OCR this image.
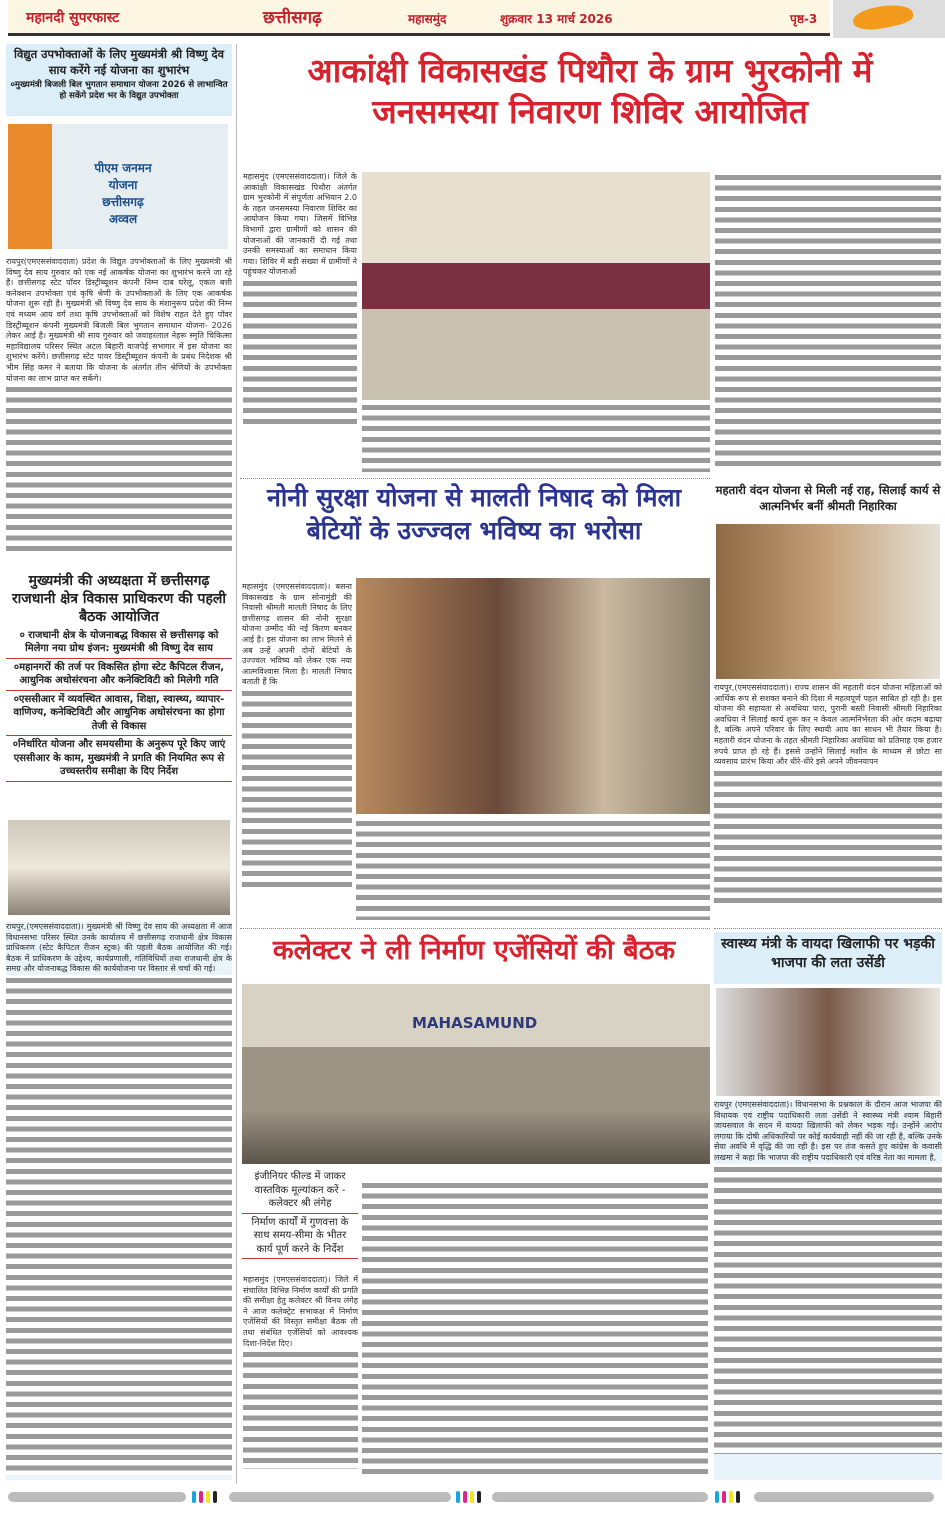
महानदी सुपरफास्ट	छत्तीसगढ़	महासमुंद	शुक्रवार 13 मार्च 2026	पृष्ठ-3
विद्युत उपभोक्ताओं के लिए मुख्यमंत्री श्री विष्णु देव साय करेंगे नई योजना का शुभारंभ
०मुख्यमंत्री बिजली बिल भुगतान समाधान योजना 2026 से लाभान्वित हो सकेंगे प्रदेश भर के विद्युत उपभोक्ता
पीएम जनमन योजना छत्तीसगढ़ अव्वल
रायपुर(एमएससंवाददाता) प्रदेश के विद्युत उपभोक्ताओं के लिए मुख्यमंत्री श्री विष्णु देव साय गुरुवार को एक नई आकर्षक योजना का शुभारंभ करने जा रहे हैं। छत्तीसगढ़ स्टेट पॉवर डिस्ट्रीब्यूशन कंपनी निम्न दाब घरेलू, एकल बत्ती कनेक्शन उपभोक्ता एवं कृषि श्रेणी के उपभोक्ताओं के लिए एक आकर्षक योजना शुरू रही है। मुख्यमंत्री श्री विष्णु देव साय के मंशानुरूप प्रदेश की निम्न एवं मध्यम आय वर्ग तथा कृषि उपभोक्ताओं को विशेष राहत देते हुए पॉवर डिस्ट्रीब्यूशन कंपनी मुख्यमंत्री बिजली बिल भुगतान समाधान योजना- 2026 लेकर आई है। मुख्यमंत्री श्री साय गुरुवार को जवाहरलाल नेहरू स्मृति चिकित्सा महाविद्यालय परिसर स्थित अटल बिहारी वाजपेई सभागार में इस योजना का शुभारंभ करेंगे। छत्तीसगढ़ स्टेट पावर डिस्ट्रीब्यूशन कंपनी के प्रबंध निदेशक श्री भीम सिंह कमर ने बताया कि योजना के अंतर्गत तीन श्रेणियों के उपभोक्ता योजना का लाभ प्राप्त कर सकेंगे।
मुख्यमंत्री की अध्यक्षता में छत्तीसगढ़ राजधानी क्षेत्र विकास प्राधिकरण की पहली बैठक आयोजित
० राजधानी क्षेत्र के योजनाबद्ध विकास से छत्तीसगढ़ को मिलेगा नया ग्रोथ इंजन: मुख्यमंत्री श्री विष्णु देव साय
०महानगरों की तर्ज पर विकसित होगा स्टेट कैपिटल रीजन, आधुनिक अधोसंरचना और कनेक्टिविटी को मिलेगी गति
०एससीआर में व्यवस्थित आवास, शिक्षा, स्वास्थ्य, व्यापार-वाणिज्य, कनेक्टिविटी और आधुनिक अधोसंरचना का होगा तेजी से विकास
०निर्धारित योजना और समयसीमा के अनुरूप पूरे किए जाएं एससीआर के काम, मुख्यमंत्री ने प्रगति की नियमित रूप से उच्चस्तरीय समीक्षा के दिए निर्देश
रायपुर,(एमएससंवाददाता)। मुख्यमंत्री श्री विष्णु देव साय की अध्यक्षता में आज विधानसभा परिसर स्थित उनके कार्यालय में छत्तीसगढ़ राजधानी क्षेत्र विकास प्राधिकरण (स्टेट कैपिटल रीजन स्ट्रक) की पहली बैठक आयोजित की गई। बैठक में प्राधिकरण के उद्देश्य, कार्यप्रणाली, गतिविधियों तथा राजधानी क्षेत्र के समग्र और योजनाबद्ध विकास की कार्ययोजना पर विस्तार से चर्चा की गई।
आकांक्षी विकासखंड पिथौरा के ग्राम भुरकोनी में
जनसमस्या निवारण शिविर आयोजित
महासमुंद (एमएससंवाददाता)। जिले के आकांक्षी विकासखंड पिथौरा अंतर्गत ग्राम भुरकोनी में संपूर्णता अभियान 2.0 के तहत जनसमस्या निवारण शिविर का आयोजन किया गया। जिसमें विभिन्न विभागों द्वारा ग्रामीणों को शासन की योजनाओं की जानकारी दी गई तथा उनकी समस्याओं का समाधान किया गया। शिविर में बड़ी संख्या में ग्रामीणों ने पहुंचकर योजनाओं
नोनी सुरक्षा योजना से मालती निषाद को मिला
बेटियों के उज्ज्वल भविष्य का भरोसा
महासमुंद (एमएससंवाददाता)। बसना विकासखंड के ग्राम सोनामुंडी की निवासी श्रीमती मालती निषाद के लिए छत्तीसगढ़ शासन की नोनी सुरक्षा योजना उम्मीद की नई किरण बनकर आई है। इस योजना का लाभ मिलने से अब उन्हें अपनी दोनों बेटियों के उज्ज्वल भविष्य को लेकर एक नया आत्मविश्वास मिला है। मालती निषाद बताती हैं कि
महतारी वंदन योजना से मिली नई राह, सिलाई कार्य से आत्मनिर्भर बनीं श्रीमती निहारिका
रायपुर,(एमएससंवाददाता)। राज्य शासन की महतारी वंदन योजना महिलाओं को आर्थिक रूप से सशक्त बनाने की दिशा में महत्वपूर्ण पहल साबित हो रही है। इस योजना की सहायता से अवधिया पारा, पुरानी बस्ती निवासी श्रीमती निहारिका अवधिया ने सिलाई कार्य शुरू कर न केवल आत्मनिर्भरता की ओर कदम बढ़ाया है, बल्कि अपने परिवार के लिए स्थायी आय का साधन भी तैयार किया है।महतारी वंदन योजना के तहत श्रीमती निहारिका अवधिया को प्रतिमाह एक हजार रुपये प्राप्त हो रहे हैं। इससे उन्होंने सिलाई मशीन के माध्यम से छोटा सा व्यवसाय प्रारंभ किया और धीरे-धीरे इसे अपने जीवनयापन
कलेक्टर ने ली निर्माण एजेंसियों की बैठक
MAHASAMUND
इंजीनियर फील्ड में जाकर वास्तविक मूल्यांकन करें - कलेक्टर श्री लंगेह
निर्माण कार्यों में गुणवत्ता के साथ समय-सीमा के भीतर कार्य पूर्ण करने के निर्देश
महासमुंद (एमएससंवाददाता)। जिले में संचालित विभिन्न निर्माण कार्यों की प्रगति की समीक्षा हेतु कलेक्टर श्री विनय लंगेह ने आज कलेक्ट्रेट सभाकक्ष में निर्माण एजेंसियों की विस्तृत समीक्षा बैठक ली तथा संबंधित एजेंसियों को आवश्यक दिशा-निर्देश दिए।
स्वास्थ्य मंत्री के वायदा खिलाफी पर भड़की भाजपा की लता उसेंडी
रायपुर (एमएससंवाददाता)। विधानसभा के प्रश्नकाल के दौरान आज भाजपा की विधायक एवं राष्ट्रीय पदाधिकारी लता उसेंडी ने स्वास्थ्य मंत्री श्याम बिहारी जायसवाल के सदन में वायदा खिलाफी को लेकर भड़क गई। उन्होंने आरोप लगाया कि दोषी अधिकारियों पर कोई कार्यवाही नहीं की जा रही है, बल्कि उनके सेवा अवधि में वृद्धि की जा रही है। इस पर तंज कसते हुए कांग्रेस के कवासी लखमा ने कहा कि भाजपा की राष्ट्रीय पदाधिकारी एवं वरिष्ठ नेता का मामला है,
